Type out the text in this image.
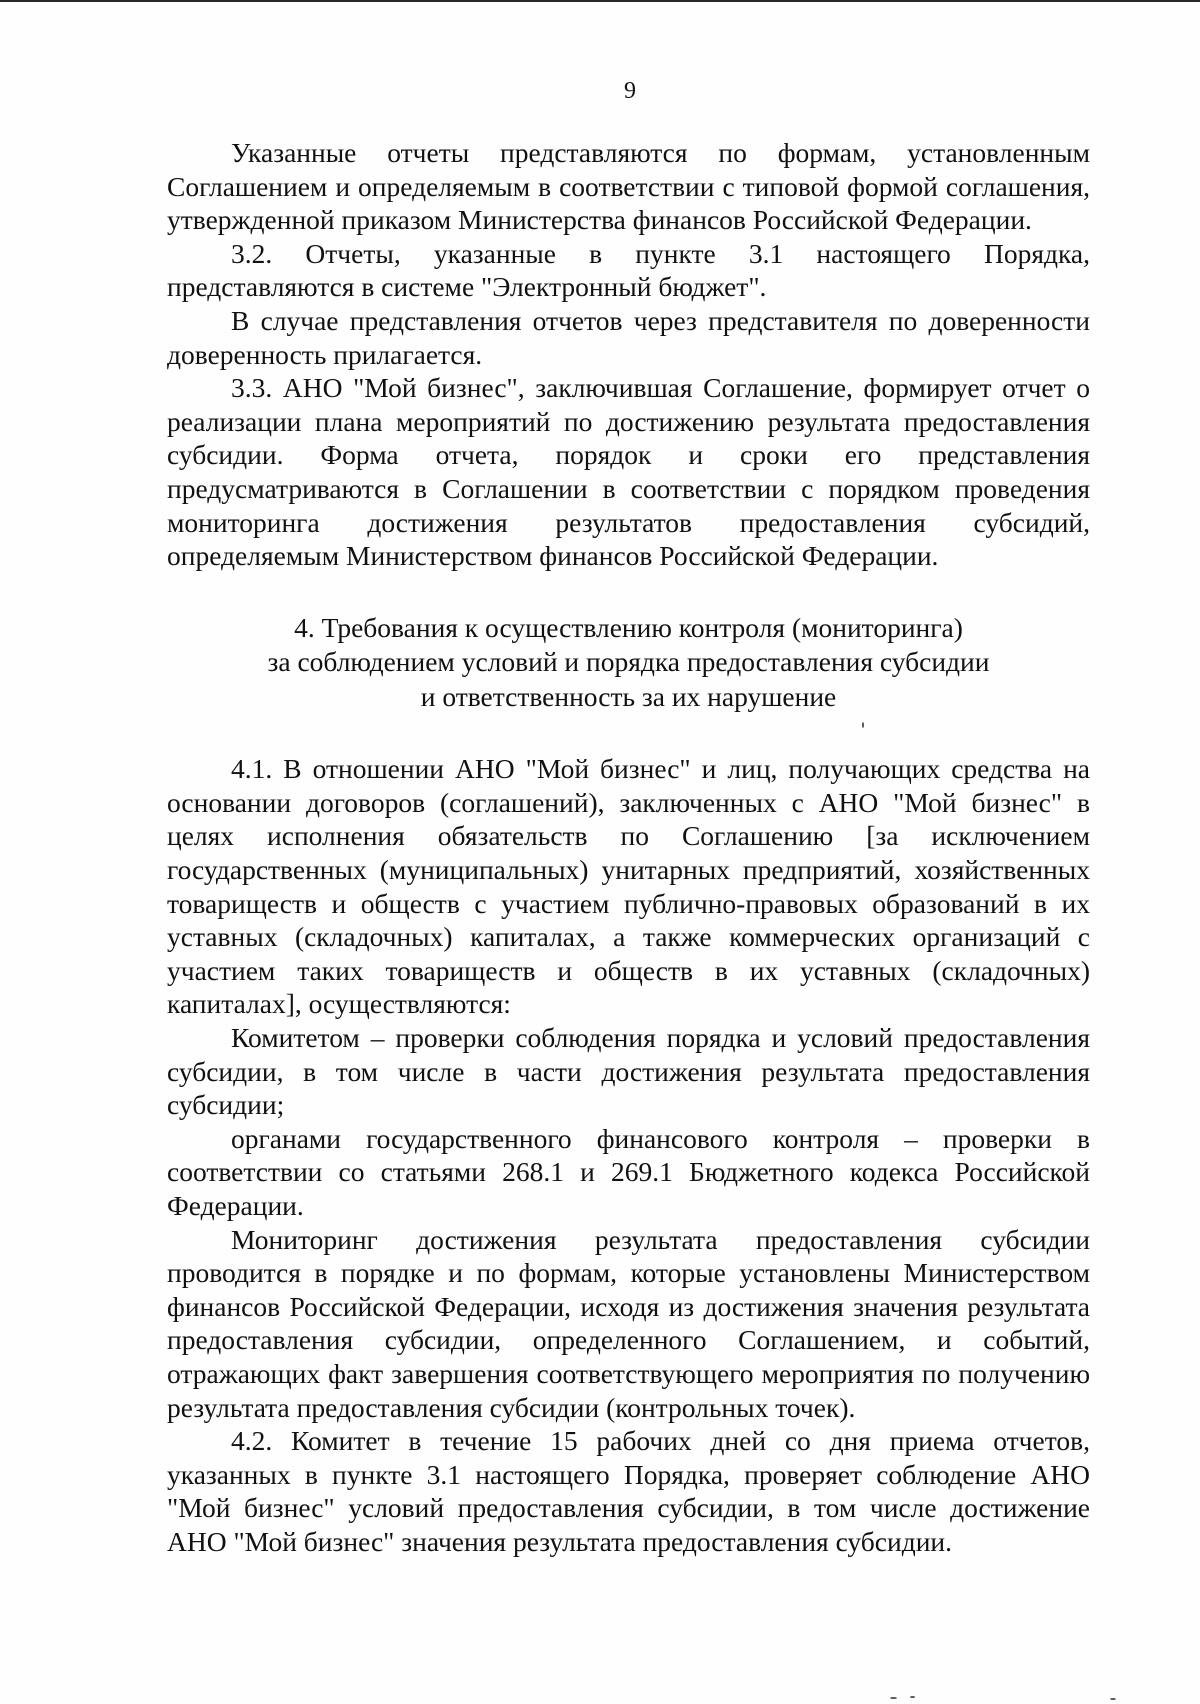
9

Указанные отчеты представляются по формам, установленным Соглашением и определяемым в соответствии с типовой формой соглашения, утвержденной приказом Министерства финансов Российской Федерации.

3.2. Отчеты, указанные в пункте 3.1 настоящего Порядка, представляются в системе "Электронный бюджет".

В случае представления отчетов через представителя по доверенности доверенность прилагается.

3.3. АНО "Мой бизнес", заключившая Соглашение, формирует отчет о реализации плана мероприятий по достижению результата предоставления субсидии. Форма отчета, порядок и сроки его представления предусматриваются в Соглашении в соответствии с порядком проведения мониторинга достижения результатов предоставления субсидий, определяемым Министерством финансов Российской Федерации.

4. Требования к осуществлению контроля (мониторинга)
за соблюдением условий и порядка предоставления субсидии
и ответственность за их нарушение

4.1. В отношении АНО "Мой бизнес" и лиц, получающих средства на основании договоров (соглашений), заключенных с АНО "Мой бизнес" в целях исполнения обязательств по Соглашению [за исключением государственных (муниципальных) унитарных предприятий, хозяйственных товариществ и обществ с участием публично-правовых образований в их уставных (складочных) капиталах, а также коммерческих организаций с участием таких товариществ и обществ в их уставных (складочных) капиталах], осуществляются:

Комитетом – проверки соблюдения порядка и условий предоставления субсидии, в том числе в части достижения результата предоставления субсидии;

органами государственного финансового контроля – проверки в соответствии со статьями 268.1 и 269.1 Бюджетного кодекса Российской Федерации.

Мониторинг достижения результата предоставления субсидии проводится в порядке и по формам, которые установлены Министерством финансов Российской Федерации, исходя из достижения значения результата предоставления субсидии, определенного Соглашением, и событий, отражающих факт завершения соответствующего мероприятия по получению результата предоставления субсидии (контрольных точек).

4.2. Комитет в течение 15 рабочих дней со дня приема отчетов, указанных в пункте 3.1 настоящего Порядка, проверяет соблюдение АНО "Мой бизнес" условий предоставления субсидии, в том числе достижение АНО "Мой бизнес" значения результата предоставления субсидии.
